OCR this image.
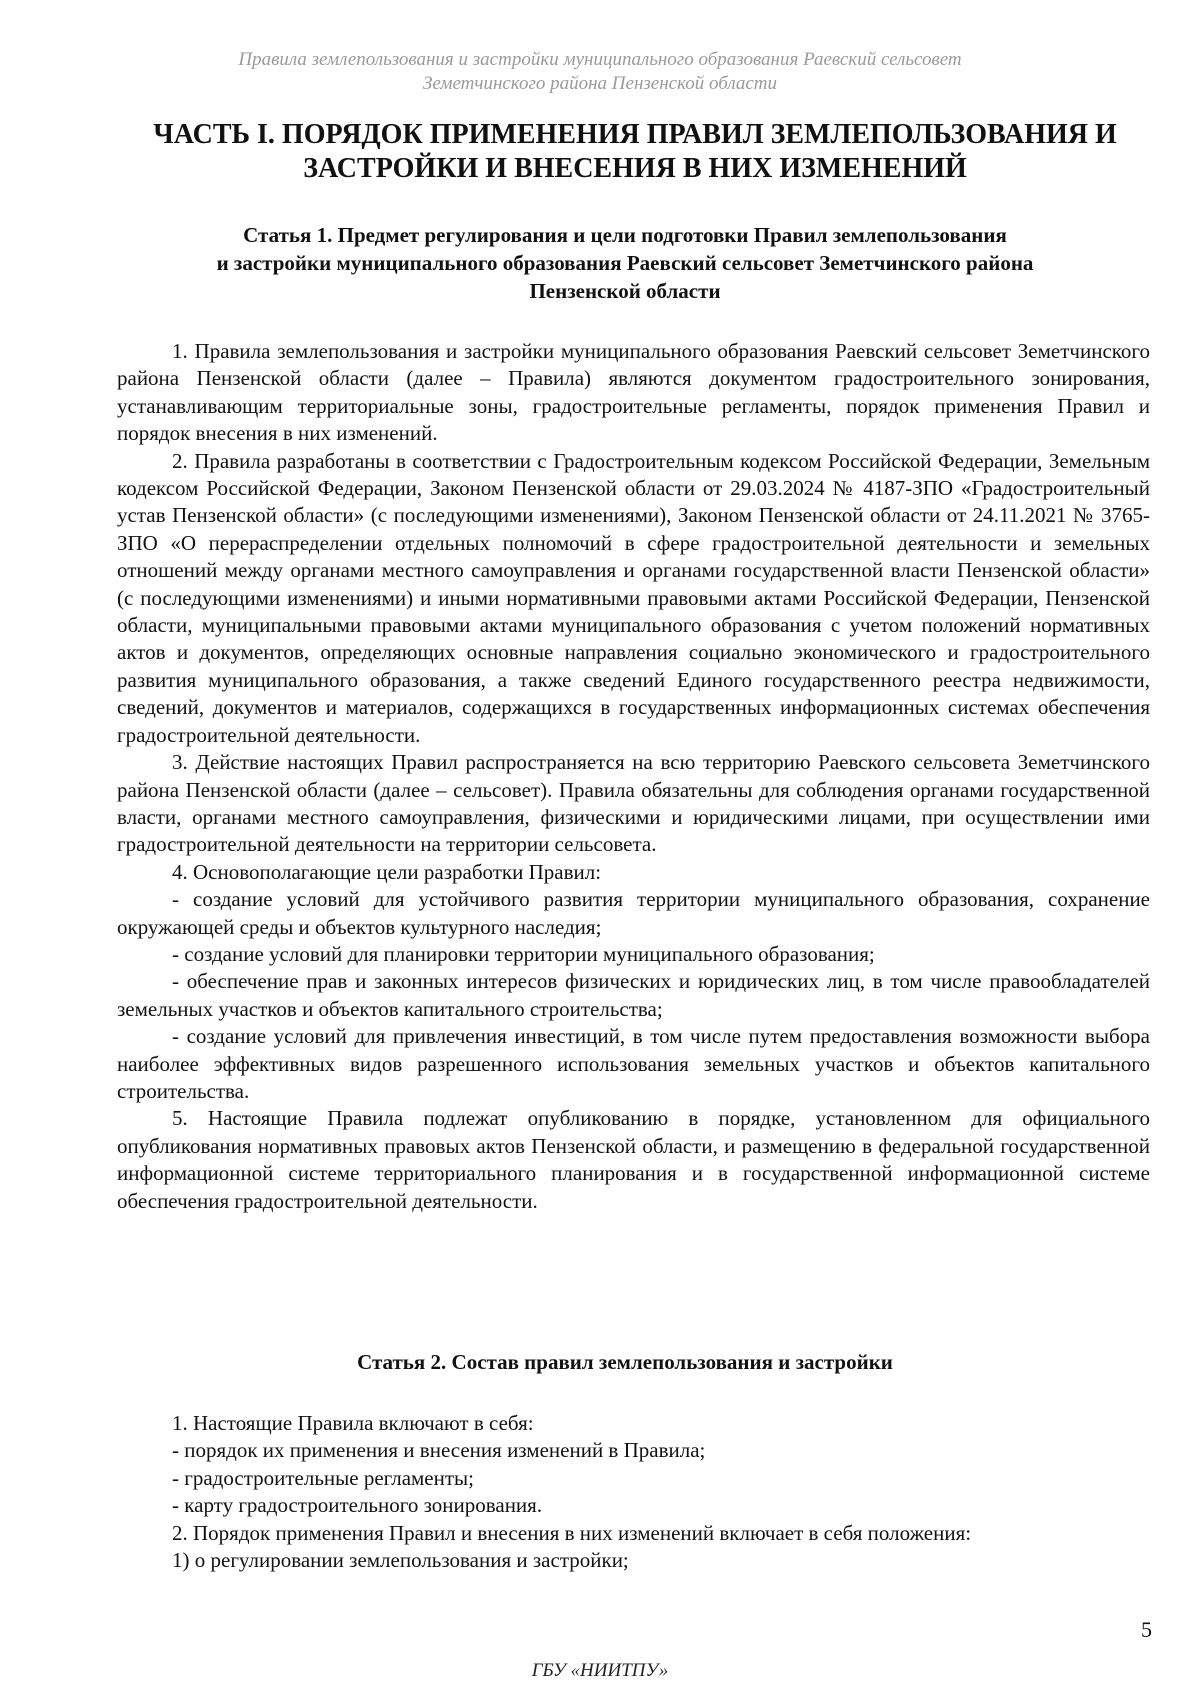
Правила землепользования и застройки муниципального образования Раевский сельсовет
Земетчинского района Пензенской области
ЧАСТЬ I. ПОРЯДОК ПРИМЕНЕНИЯ ПРАВИЛ ЗЕМЛЕПОЛЬЗОВАНИЯ И
ЗАСТРОЙКИ И ВНЕСЕНИЯ В НИХ ИЗМЕНЕНИЙ
Статья 1. Предмет регулирования и цели подготовки Правил землепользования
и застройки муниципального образования Раевский сельсовет Земетчинского района
Пензенской области

1. Правила землепользования и застройки муниципального образования Раевский сельсовет Земетчинского района Пензенской области (далее – Правила) являются документом градостроительного зонирования, устанавливающим территориальные зоны, градостроительные регламенты, порядок применения Правил и порядок внесения в них изменений.

2. Правила разработаны в соответствии с Градостроительным кодексом Российской Федерации, Земельным кодексом Российской Федерации, Законом Пензенской области от 29.03.2024 № 4187-ЗПО «Градостроительный устав Пензенской области» (с последующими изменениями), Законом Пензенской области от 24.11.2021 № 3765-ЗПО «О перераспределении отдельных полномочий в сфере градостроительной деятельности и земельных отношений между органами местного самоуправления и органами государственной власти Пензенской области» (с последующими изменениями) и иными нормативными правовыми актами Российской Федерации, Пензенской области, муниципальными правовыми актами муниципального образования с учетом положений нормативных актов и документов, определяющих основные направления социально экономического и градостроительного развития муниципального образования, а также сведений Единого государственного реестра недвижимости, сведений, документов и материалов, содержащихся в государственных информационных системах обеспечения градостроительной деятельности.

3. Действие настоящих Правил распространяется на всю территорию Раевского сельсовета Земетчинского района Пензенской области (далее – сельсовет). Правила обязательны для соблюдения органами государственной власти, органами местного самоуправления, физическими и юридическими лицами, при осуществлении ими градостроительной деятельности на территории сельсовета.

4. Основополагающие цели разработки Правил:

- создание условий для устойчивого развития территории муниципального образования, сохранение окружающей среды и объектов культурного наследия;

- создание условий для планировки территории муниципального образования;

- обеспечение прав и законных интересов физических и юридических лиц, в том числе правообладателей земельных участков и объектов капитального строительства;

- создание условий для привлечения инвестиций, в том числе путем предоставления возможности выбора наиболее эффективных видов разрешенного использования земельных участков и объектов капитального строительства.

5. Настоящие Правила подлежат опубликованию в порядке, установленном для официального опубликования нормативных правовых актов Пензенской области, и размещению в федеральной государственной информационной системе территориального планирования и в государственной информационной системе обеспечения градостроительной деятельности.

Статья 2. Состав правил землепользования и застройки

1. Настоящие Правила включают в себя:

- порядок их применения и внесения изменений в Правила;

- градостроительные регламенты;

- карту градостроительного зонирования.

2. Порядок применения Правил и внесения в них изменений включает в себя положения:

1) о регулировании землепользования и застройки;

5
ГБУ «НИИТПУ»
